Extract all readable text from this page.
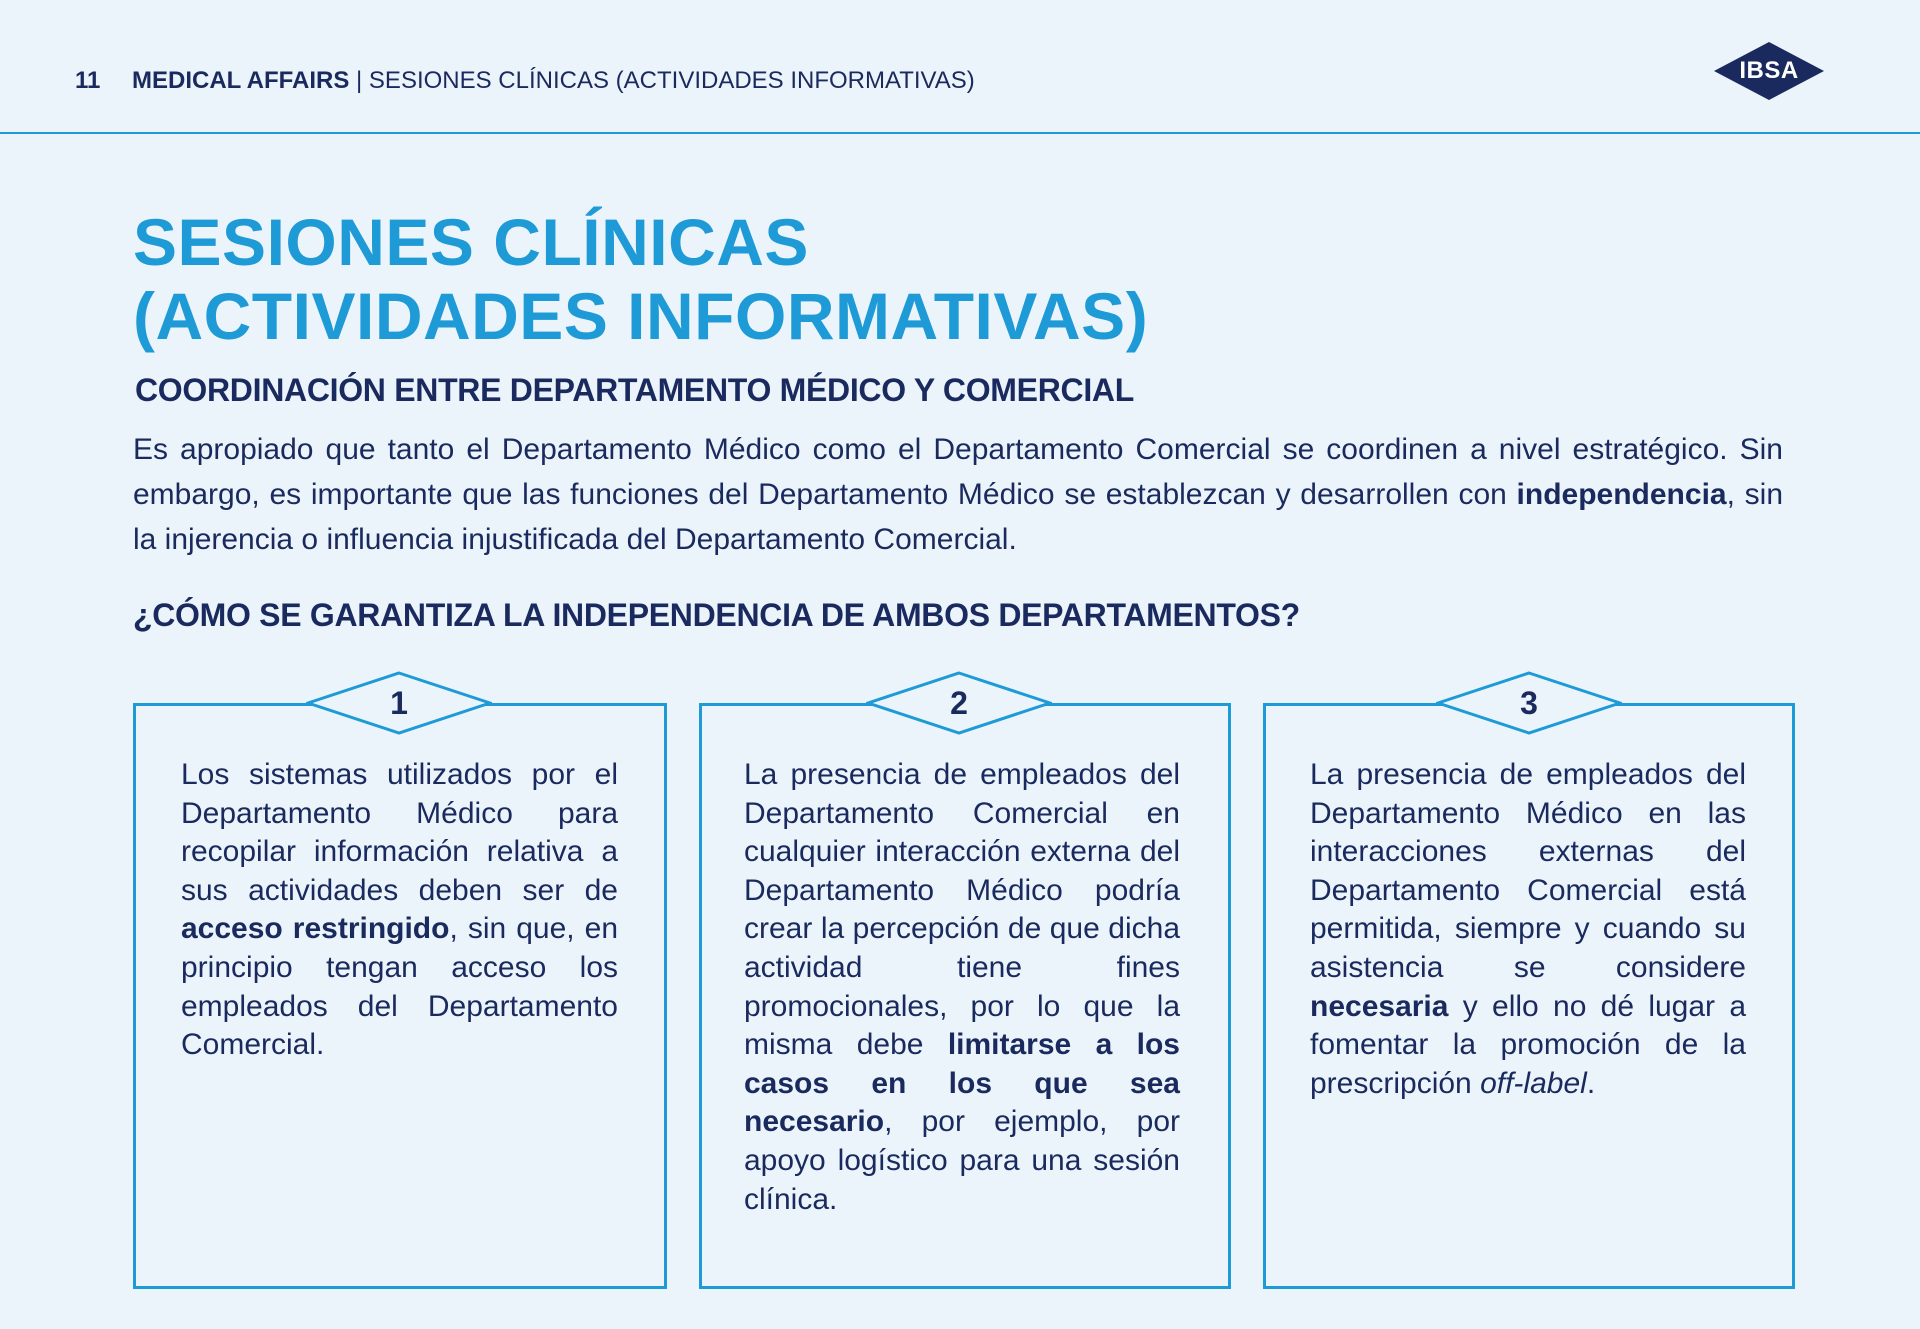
11 MEDICAL AFFAIRS | SESIONES CLÍNICAS (ACTIVIDADES INFORMATIVAS)	IBSA
SESIONES CLÍNICAS
(ACTIVIDADES INFORMATIVAS)
COORDINACIÓN ENTRE DEPARTAMENTO MÉDICO Y COMERCIAL

Es apropiado que tanto el Departamento Médico como el Departamento Comercial se coordinen a nivel estratégico. Sin embargo, es importante que las funciones del Departamento Médico se establezcan y desarrollen con independencia, sin la injerencia o influencia injustificada del Departamento Comercial.

¿CÓMO SE GARANTIZA LA INDEPENDENCIA DE AMBOS DEPARTAMENTOS?

Los sistemas utilizados por el Departamento Médico para recopilar información relativa a sus actividades deben ser de acceso restringido, sin que, en principio tengan acceso los empleados del Departamento Comercial.

1

La presencia de empleados del Departamento Comercial en cualquier interacción externa del Departamento Médico podría crear la percepción de que dicha actividad tiene fines promocionales, por lo que la misma debe limitarse a los casos en los que sea necesario, por ejemplo, por apoyo logístico para una sesión clínica.

2

La presencia de empleados del Departamento Médico en las interacciones externas del Departamento Comercial está permitida, siempre y cuando su asistencia se considere necesaria y ello no dé lugar a fomentar la promoción de la prescripción off-label.

3
